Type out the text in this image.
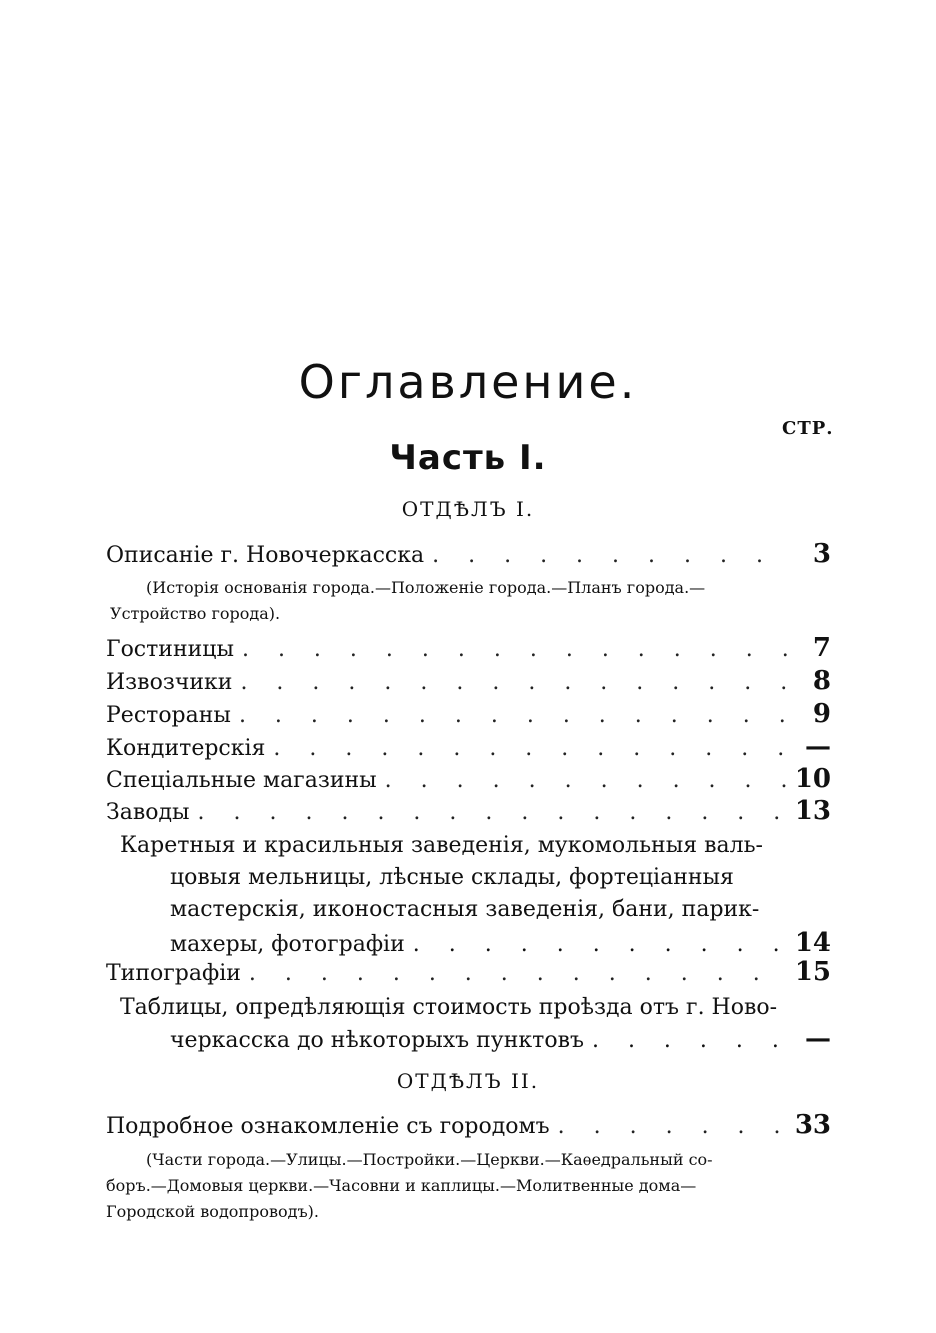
Оглавление.
СТР.
Часть I.
ОТДѢЛЪ I.
Описаніе г. Новочеркасска . . .	3
(Исторія основанія города.—Положеніе города.—Планъ города.—
Устройство города).
Гостиницы . . .	7
Извозчики . . .	8
Рестораны . . .	9
Кондитерскія . . .	—
Спеціальные магазины . . .	10
Заводы . . .	13
Каретныя и красильныя заведенія, мукомольныя валь-
цовыя мельницы, лѣсные склады, фортеціанныя
мастерскія, иконостасныя заведенія, бани, парик-
махеры, фотографіи . . .	14
Типографіи . . .	15
Таблицы, опредѣляющія стоимость проѣзда отъ г. Ново-
черкасска до нѣкоторыхъ пунктовъ . . .	—
ОТДѢЛЪ II.
Подробное ознакомленіе съ городомъ . . .	33
(Части города.—Улицы.—Постройки.—Церкви.—Каѳедральный со-
боръ.—Домовыя церкви.—Часовни и каплицы.—Молитвенные дома—
Городской водопроводъ).
